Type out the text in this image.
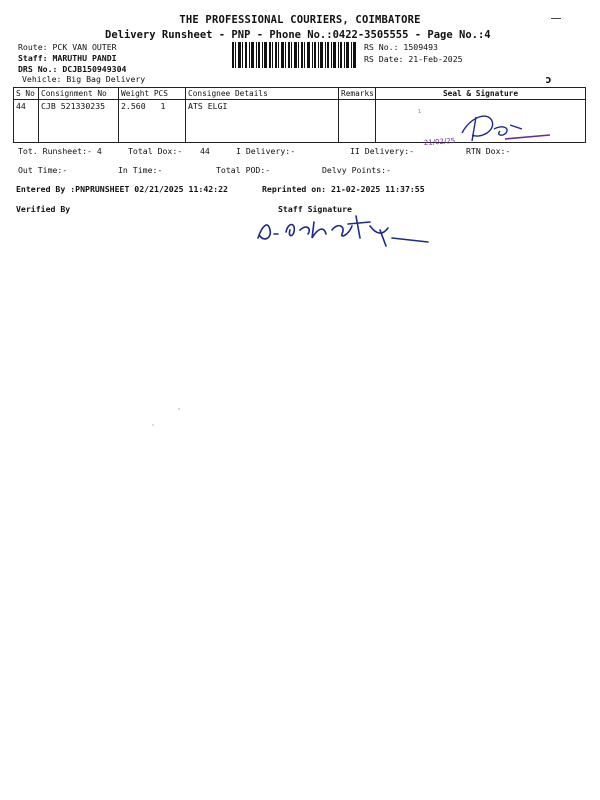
THE PROFESSIONAL COURIERS, COIMBATORE
Delivery Runsheet - PNP - Phone No.:0422-3505555 - Page No.:4
Route: PCK VAN OUTER
Staff: MARUTHU PANDI
DRS No.: DCJB150949304
Vehicle: Big Bag Delivery
RS No.: 1509493
RS Date: 21-Feb-2025
ͻ
S No	Consignment No	Weight PCS	Consignee Details	Remarks	Seal & Signature
44	CJB 521330235	2.560 1	ATS ELGI		
21/02/25
1
Tot. Runsheet:- 4	Total Dox:- 44	I Delivery:-	II Delivery:-	RTN Dox:-
Out Time:-	In Time:-	Total POD:-	Delvy Points:-
Entered By :PNPRUNSHEET 02/21/2025 11:42:22	Reprinted on: 21-02-2025 11:37:55
Verified By	Staff Signature
